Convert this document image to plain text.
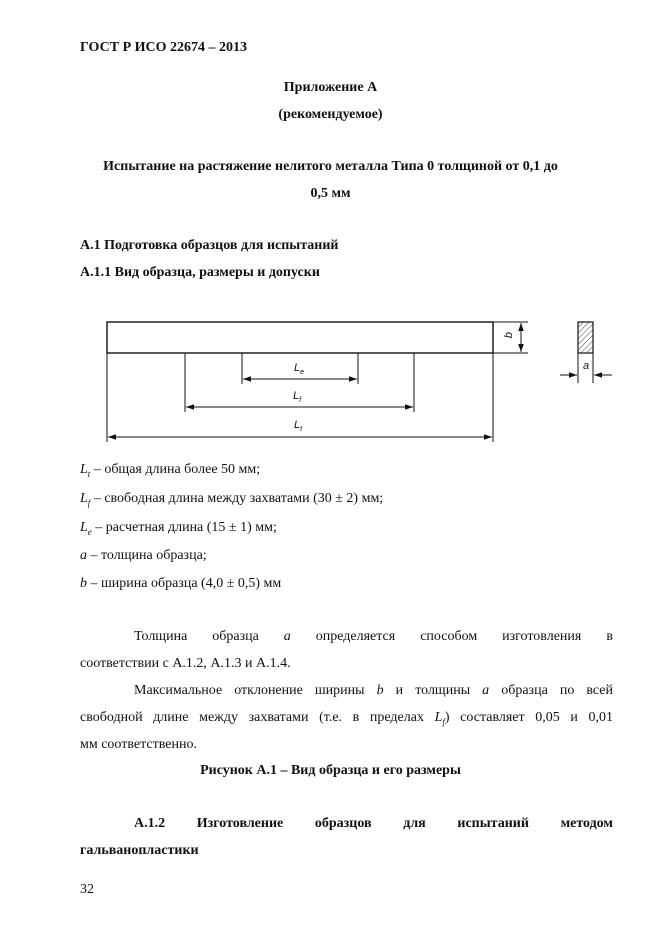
ГОСТ Р ИСО 22674 – 2013
Приложение А
(рекомендуемое)
Испытание на растяжение нелитого металла Типа 0 толщиной от 0,1 до
0,5 мм
А.1 Подготовка образцов для испытаний
А.1.1 Вид образца, размеры и допуски
b
a
$L_e$
$L_f$
$L_t$
$L_t$ – общая длина более 50 мм;
$L_f$ – свободная длина между захватами (30 ± 2) мм;
$L_e$ – расчетная длина (15 ± 1) мм;
a – толщина образца;
b – ширина образца (4,0 ± 0,5) мм
Толщина образца a определяется способом изготовления в
соответствии с А.1.2, А.1.3 и А.1.4.
Максимальное отклонение ширины b и толщины a образца по всей
свободной длине между захватами (т.е. в пределах $L_f$) составляет 0,05 и 0,01
мм соответственно.
Рисунок А.1 – Вид образца и его размеры
А.1.2 Изготовление образцов для испытаний методом
гальванопластики
32
